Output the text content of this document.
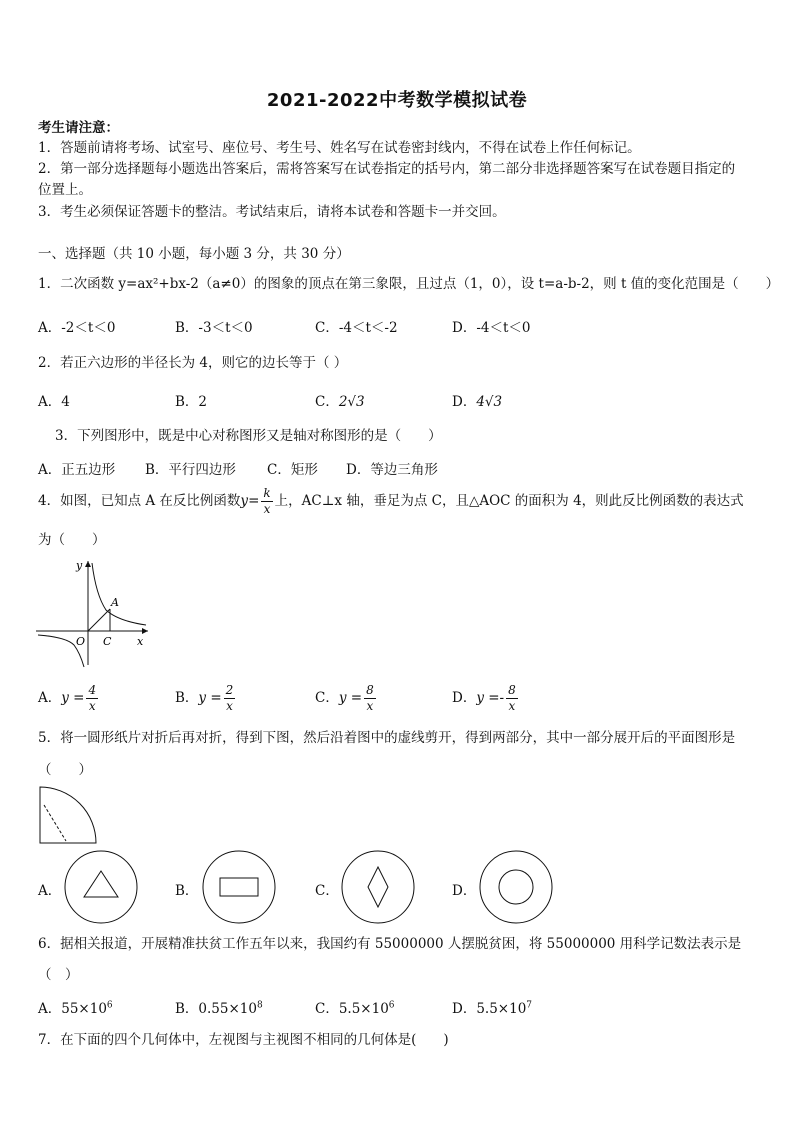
2021-2022中考数学模拟试卷
考生请注意：
1．答题前请将考场、试室号、座位号、考生号、姓名写在试卷密封线内，不得在试卷上作任何标记。
2．第一部分选择题每小题选出答案后，需将答案写在试卷指定的括号内，第二部分非选择题答案写在试卷题目指定的
位置上。
3．考生必须保证答题卡的整洁。考试结束后，请将本试卷和答题卡一并交回。
一、选择题（共 10 小题，每小题 3 分，共 30 分）
1．二次函数 y=ax²+bx-2（a≠0）的图象的顶点在第三象限，且过点（1，0），设 t=a-b-2，则 t 值的变化范围是（　　）
A．-2＜t＜0	B．-3＜t＜0	C．-4＜t＜-2	D．-4＜t＜0
2．若正六边形的半径长为 4，则它的边长等于（ ）
A．4	B．2	C．2√3	D．4√3
3．下列图形中，既是中心对称图形又是轴对称图形的是（　　）
A．正五边形 B．平行四边形 C．矩形 D．等边三角形
4．如图，已知点 A 在反比例函数$y= \frac{k}{x}$ 上，AC⊥x 轴，垂足为点 C，且△AOC 的面积为 4，则此反比例函数的表达式
为（　　）
y
x
O C
A
A．$y = \frac{4}{x}$	B．$y = \frac{2}{x}$	C．$y = \frac{8}{x}$	D．$y =- \frac{8}{x}$
5．将一圆形纸片对折后再对折，得到下图，然后沿着图中的虚线剪开，得到两部分，其中一部分展开后的平面图形是
（　　）
A．	B．	C．	D．
6．据相关报道，开展精准扶贫工作五年以来，我国约有 55000000 人摆脱贫困，将 55000000 用科学记数法表示是
（　）
A．$55\times 10^6$	B．$0.55\times 10^8$	C．$5.5\times 10^6$	D．$5.5\times 10^7$
7．在下面的四个几何体中，左视图与主视图不相同的几何体是(　　)
